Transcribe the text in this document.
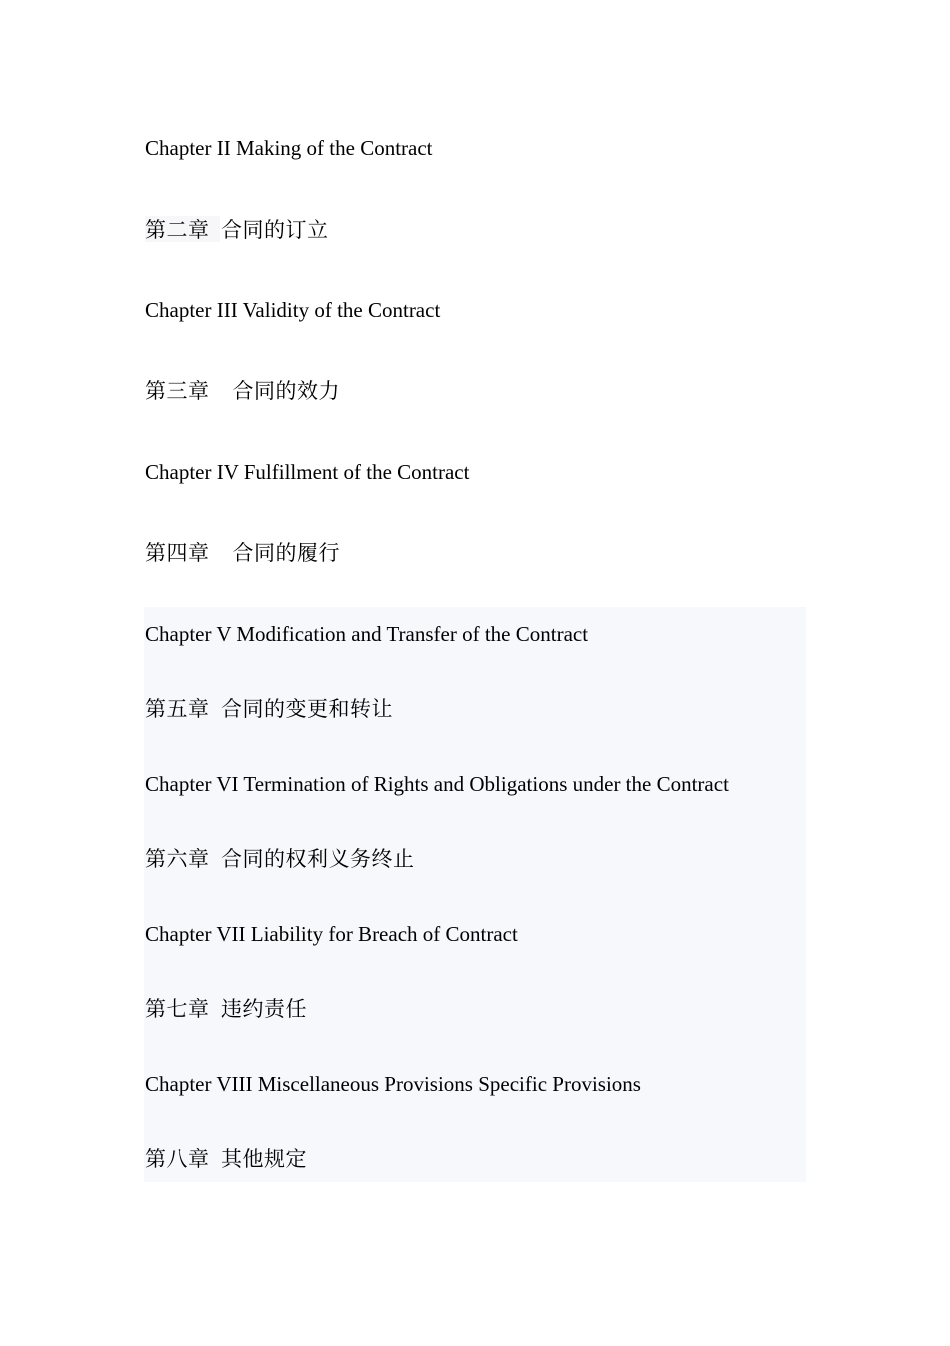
Chapter II Making of the Contract
第二章  合同的订立
Chapter III Validity of the Contract
第三章    合同的效力
Chapter IV Fulfillment of the Contract
第四章    合同的履行
Chapter V Modification and Transfer of the Contract
第五章  合同的变更和转让
Chapter VI Termination of Rights and Obligations under the Contract
第六章  合同的权利义务终止
Chapter VII Liability for Breach of Contract
第七章  违约责任
Chapter VIII Miscellaneous Provisions Specific Provisions
第八章  其他规定
